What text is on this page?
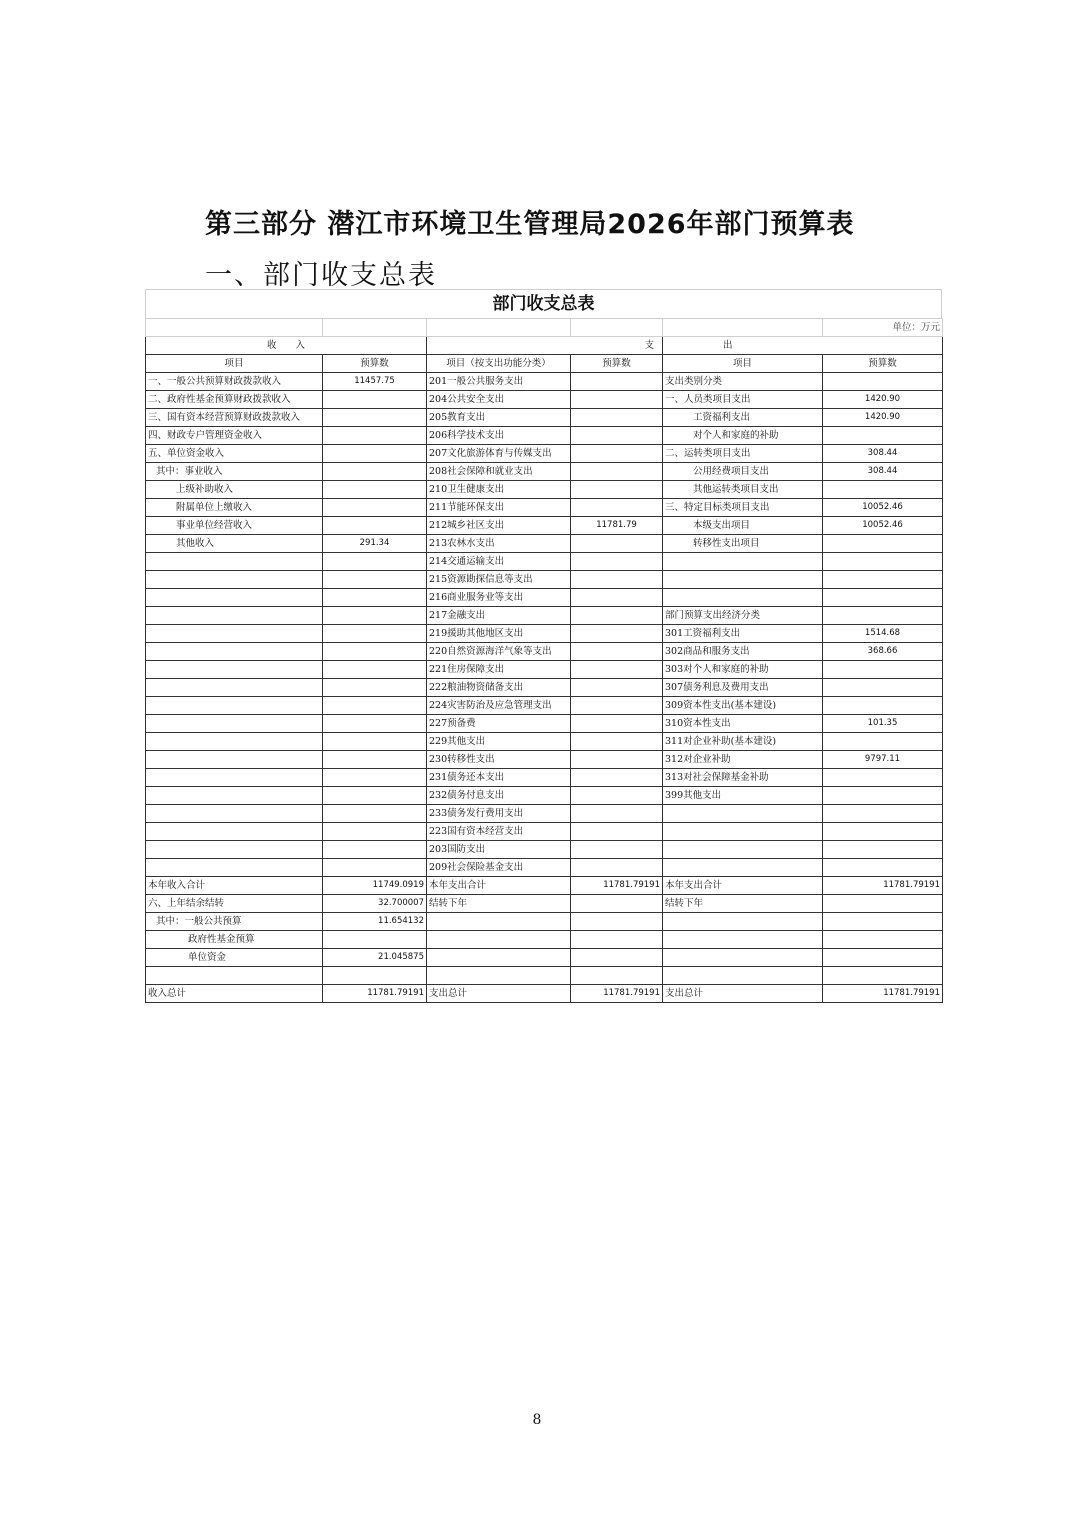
第三部分 潜江市环境卫生管理局2026年部门预算表
一、部门收支总表
部门收支总表
					单位：万元
收　　入		支		出	
项目	预算数	项目（按支出功能分类）	预算数	项目	预算数
一、一般公共预算财政拨款收入	11457.75	201一般公共服务支出		支出类别分类	
二、政府性基金预算财政拨款收入		204公共安全支出		一、人员类项目支出	1420.90
三、国有资本经营预算财政拨款收入		205教育支出		工资福利支出	1420.90
四、财政专户管理资金收入		206科学技术支出		对个人和家庭的补助	
五、单位资金收入		207文化旅游体育与传媒支出		二、运转类项目支出	308.44
其中：事业收入		208社会保障和就业支出		公用经费项目支出	308.44
上级补助收入		210卫生健康支出		其他运转类项目支出	
附属单位上缴收入		211节能环保支出		三、特定目标类项目支出	10052.46
事业单位经营收入		212城乡社区支出	11781.79	本级支出项目	10052.46
其他收入	291.34	213农林水支出		转移性支出项目	
		214交通运输支出			
		215资源勘探信息等支出			
		216商业服务业等支出			
		217金融支出		部门预算支出经济分类	
		219援助其他地区支出		301工资福利支出	1514.68
		220自然资源海洋气象等支出		302商品和服务支出	368.66
		221住房保障支出		303对个人和家庭的补助	
		222粮油物资储备支出		307债务利息及费用支出	
		224灾害防治及应急管理支出		309资本性支出(基本建设)	
		227预备费		310资本性支出	101.35
		229其他支出		311对企业补助(基本建设)	
		230转移性支出		312对企业补助	9797.11
		231债务还本支出		313对社会保障基金补助	
		232债务付息支出		399其他支出	
		233债务发行费用支出			
		223国有资本经营支出			
		203国防支出			
		209社会保险基金支出			
本年收入合计	11749.0919	本年支出合计	11781.79191	本年支出合计	11781.79191
六、上年结余结转	32.700007	结转下年		结转下年	
其中：一般公共预算	11.654132				
政府性基金预算					
单位资金	21.045875				

收入总计	11781.79191	支出总计	11781.79191	支出总计	11781.79191
8
